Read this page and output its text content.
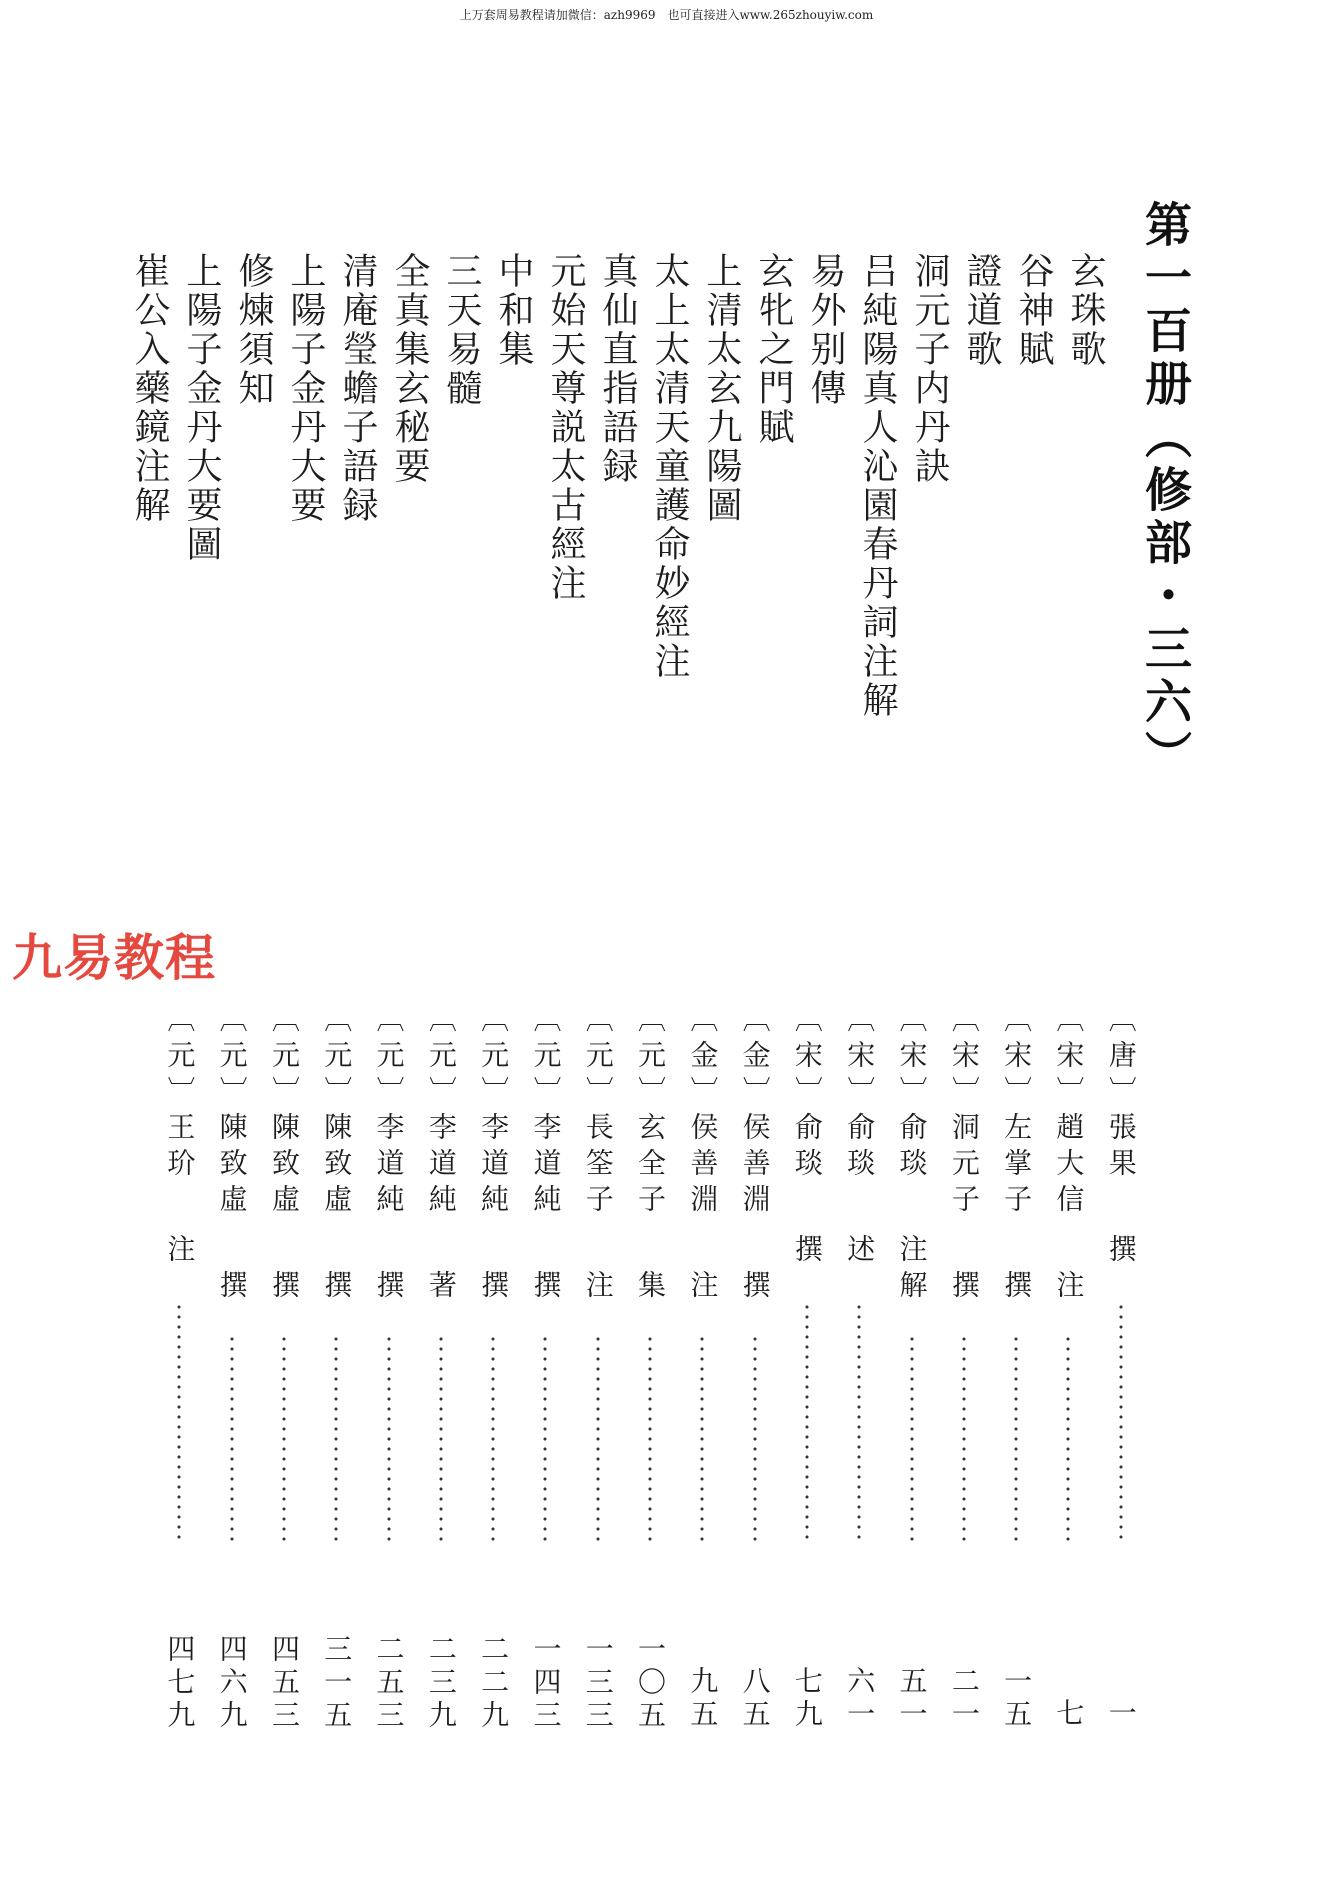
上万套周易教程请加微信：azh9969　也可直接进入www.265zhouyiw.com
第一百册（修部・三六）
玄珠歌
谷神賦
證道歌
洞元子内丹訣
吕純陽真人沁園春丹詞注解
易外别傳
玄牝之門賦
上清太玄九陽圖
太上太清天童護命妙經注
真仙直指語録
元始天尊説太古經注
中和集
三天易髓
全真集玄秘要
清庵瑩蟾子語録
上陽子金丹大要
修煉須知
上陽子金丹大要圖
崔公入藥鏡注解
九易教程
〔唐〕張果　撰
一
〔宋〕趙大信　注
七
〔宋〕左掌子　撰
一五
〔宋〕洞元子　撰
二一
〔宋〕俞琰　注解
五一
〔宋〕俞琰　述
六一
〔宋〕俞琰　撰
七九
〔金〕侯善淵　撰
八五
〔金〕侯善淵　注
九五
〔元〕玄全子　集
一〇五
〔元〕長筌子　注
一三三
〔元〕李道純　撰
一四三
〔元〕李道純　撰
二二九
〔元〕李道純　著
二三九
〔元〕李道純　撰
二五三
〔元〕陳致虛　撰
三一五
〔元〕陳致虛　撰
四五三
〔元〕陳致虛　撰
四六九
〔元〕王玠　注
四七九
